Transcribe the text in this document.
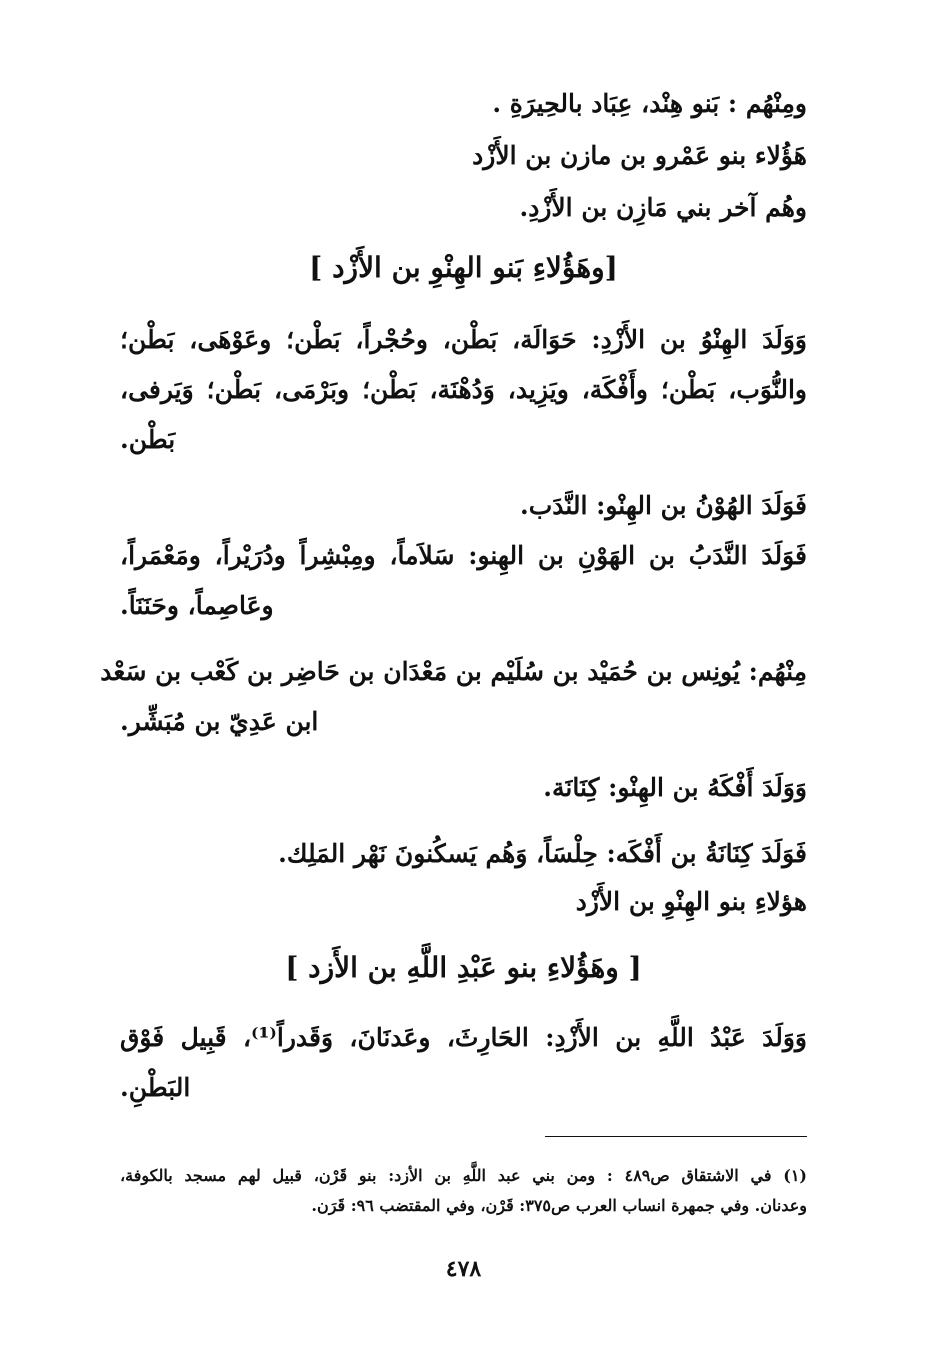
ومِنْهُم : بَنو هِنْد، عِبَاد بالحِيرَةِ .
هَؤُلاء بنو عَمْرو بن مازن بن الأَزْد
وهُم آخر بني مَازِن بن الأَزْدِ.
[وهَؤُلاءِ بَنو الهِنْوِ بن الأَزْد ]
وَوَلَدَ الهِنْوُ بن الأَزْدِ: حَوَالَة، بَطْن، وحُجْراً، بَطْن؛ وعَوْهَى، بَطْن؛
والنُّوَب، بَطْن؛ وأَفْكَة، ويَزِيد، وَدُهْنَة، بَطْن؛ وبَرْمَى، بَطْن؛ وَيَرفى،
بَطْن.
فَوَلَدَ الهُوْنُ بن الهِنْو: النَّدَب.
فَوَلَدَ النَّدَبُ بن الهَوْنِ بن الهِنو: سَلاَماً، ومِبْشِراً ودُرَيْراً، ومَعْمَراً،
وعَاصِماً، وحَنَنَاً.
مِنْهُم: يُونِس بن حُمَيْد بن سُلَيْم بن مَعْدَان بن حَاضِر بن كَعْب بن سَعْد
ابن عَدِيّ بن مُبَشِّر.
وَوَلَدَ أَفْكَهُ بن الهِنْو: كِنَانَة.
فَوَلَدَ كِنَانَةُ بن أَفْكَه: حِلْسَاً، وَهُم يَسكُنونَ نَهْر المَلِك.
هؤلاءِ بنو الهِنْوِ بن الأَزْد
[ وهَؤُلاءِ بنو عَبْدِ اللَّهِ بن الأَزد ]
وَوَلَدَ عَبْدُ اللَّهِ بن الأَزْدِ: الحَارِثَ، وعَدنَانَ، وَقَدراً⁽¹⁾، قَبِيل فَوْق
البَطْنِ.
(١) في الاشتقاق ص٤٨٩ : ومن بني عبد اللَّهِ بن الأزد: بنو قَرْن، قبيل لهم مسجد بالكوفة،
وعدنان. وفي جمهرة انساب العرب ص٣٧٥: قَرْن، وفي المقتضب ٩٦: قَرَن.
٤٧٨
